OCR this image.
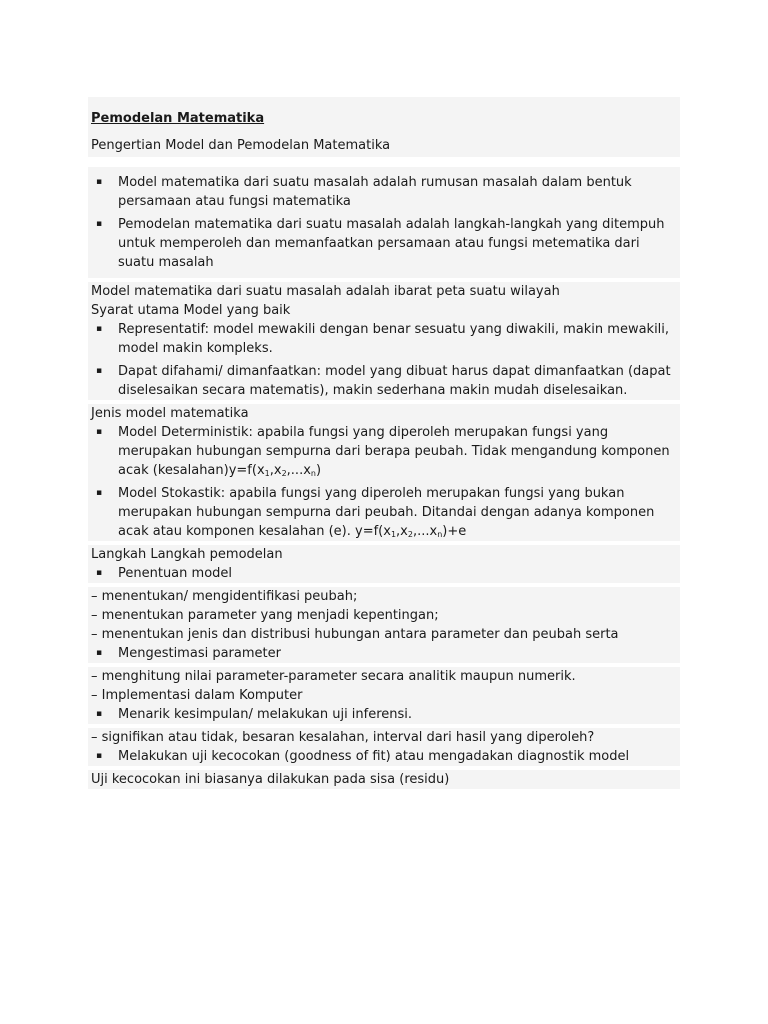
Pemodelan Matematika
Pengertian Model dan Pemodelan Matematika
▪ Model matematika dari suatu masalah adalah rumusan masalah dalam bentuk persamaan atau fungsi matematika
▪ Pemodelan matematika dari suatu masalah adalah langkah-langkah yang ditempuh untuk memperoleh dan memanfaatkan persamaan atau fungsi metematika dari suatu masalah
Model matematika dari suatu masalah adalah ibarat peta suatu wilayah
Syarat utama Model yang baik
▪ Representatif: model mewakili dengan benar sesuatu yang diwakili, makin mewakili, model makin kompleks.
▪ Dapat difahami/ dimanfaatkan: model yang dibuat harus dapat dimanfaatkan (dapat diselesaikan secara matematis), makin sederhana makin mudah diselesaikan.
Jenis model matematika
▪ Model Deterministik: apabila fungsi yang diperoleh merupakan fungsi yang merupakan hubungan sempurna dari berapa peubah. Tidak mengandung komponen acak $(kesalahan)y=f(x_1,x_2,...x_n)$
▪ Model Stokastik: apabila fungsi yang diperoleh merupakan fungsi yang bukan merupakan hubungan sempurna dari peubah. Ditandai dengan adanya komponen acak atau komponen kesalahan (e). $y=f(x_1,x_2,...x_n)+e$
Langkah Langkah pemodelan
▪ Penentuan model
– menentukan/ mengidentifikasi peubah;
– menentukan parameter yang menjadi kepentingan;
– menentukan jenis dan distribusi hubungan antara parameter dan peubah serta
▪ Mengestimasi parameter
– menghitung nilai parameter-parameter secara analitik maupun numerik.
– Implementasi dalam Komputer
▪ Menarik kesimpulan/ melakukan uji inferensi.
– signifikan atau tidak, besaran kesalahan, interval dari hasil yang diperoleh?
▪ Melakukan uji kecocokan (goodness of fit) atau mengadakan diagnostik model
Uji kecocokan ini biasanya dilakukan pada sisa (residu)
